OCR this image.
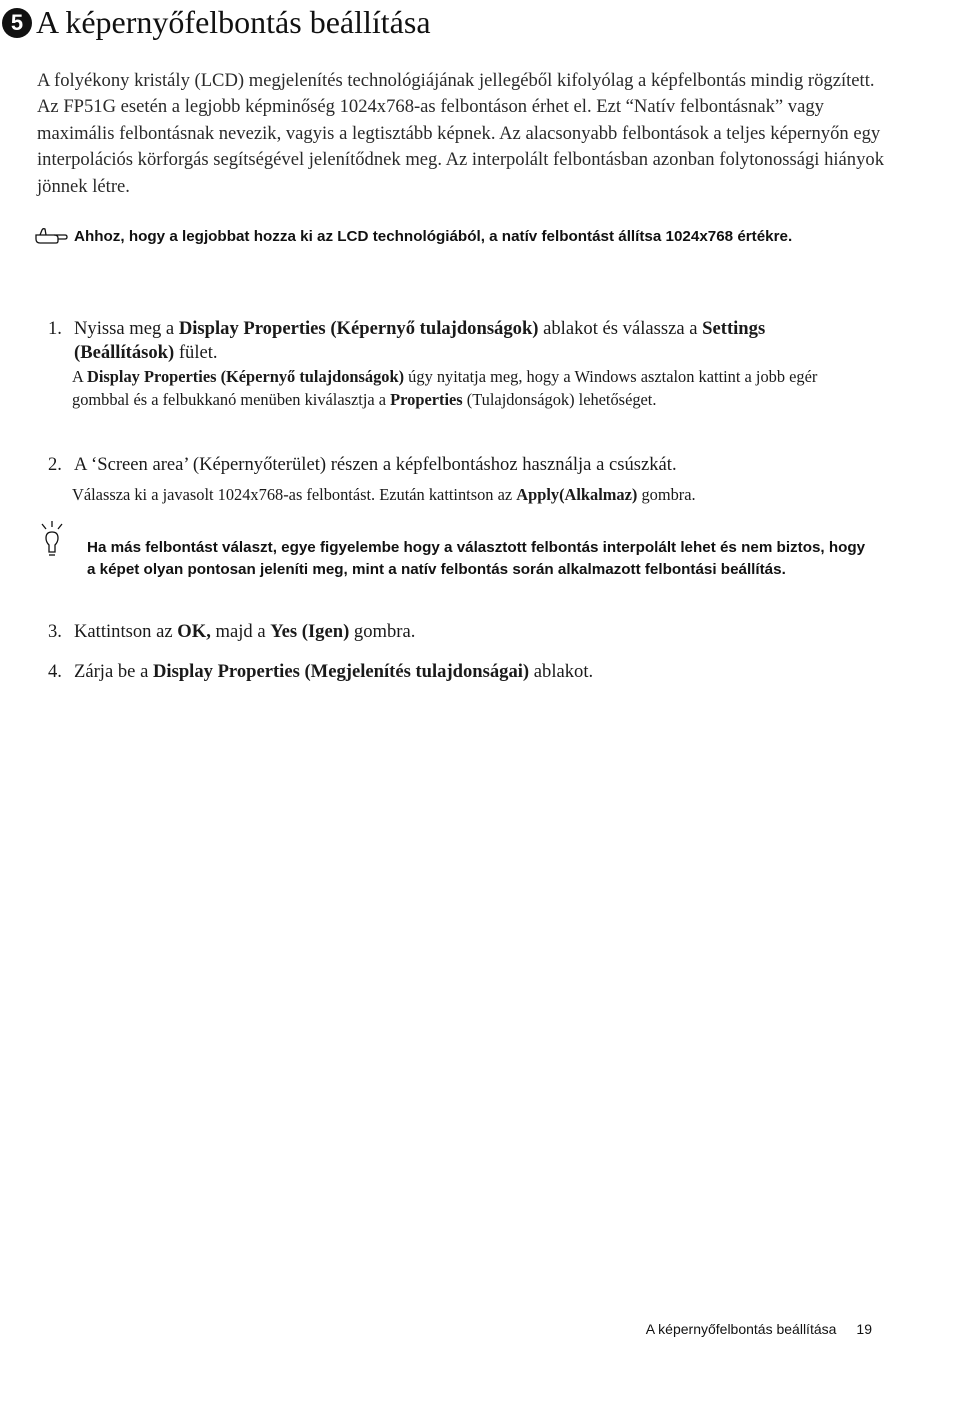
5 A képernyőfelbontás beállítása

A folyékony kristály (LCD) megjelenítés technológiájának jellegéből kifolyólag a képfelbontás mindig rögzített. Az FP51G esetén a legjobb képminőség 1024x768-as felbontáson érhet el. Ezt “Natív felbontásnak” vagy maximális felbontásnak nevezik, vagyis a legtisztább képnek. Az alacsonyabb felbontások a teljes képernyőn egy interpolációs körforgás segítségével jelenítődnek meg. Az interpolált felbontásban azonban folytonossági hiányok jönnek létre.

Ahhoz, hogy a legjobbat hozza ki az LCD technológiából, a natív felbontást állítsa 1024x768 értékre.
1. Nyissa meg a Display Properties (Képernyő tulajdonságok) ablakot és válassza a Settings
(Beállítások) fület.
A Display Properties (Képernyő tulajdonságok) úgy nyitatja meg, hogy a Windows asztalon kattint a jobb egér gombbal és a felbukkanó menüben kiválasztja a Properties (Tulajdonságok) lehetőséget.
2. A ‘Screen area’ (Képernyőterület) részen a képfelbontáshoz használja a csúszkát.
Válassza ki a javasolt 1024x768-as felbontást. Ezután kattintson az Apply(Alkalmaz) gombra.
Ha más felbontást választ, egye figyelembe hogy a választott felbontás interpolált lehet és nem biztos, hogy a képet olyan pontosan jeleníti meg, mint a natív felbontás során alkalmazott felbontási beállítás.
3. Kattintson az OK, majd a Yes (Igen) gombra.
4. Zárja be a Display Properties (Megjelenítés tulajdonságai) ablakot.
A képernyőfelbontás beállítása 19
